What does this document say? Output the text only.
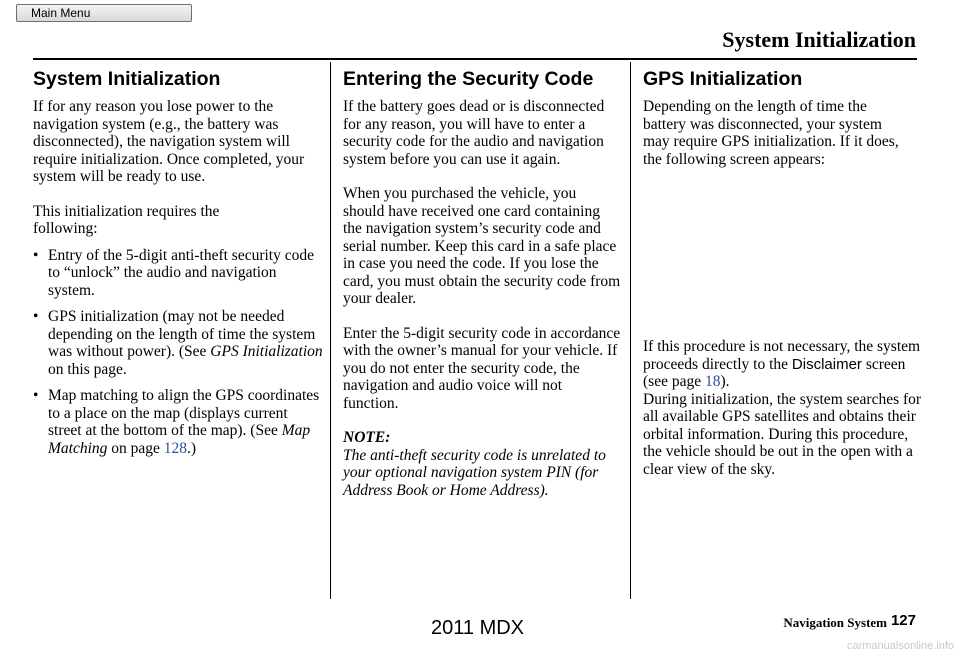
Main Menu
System Initialization
System Initialization

If for any reason you lose power to the navigation system (e.g., the battery was disconnected), the navigation system will require initialization. Once completed, your system will be ready to use.

This initialization requires the following:

• Entry of the 5-digit anti-theft security code to “unlock” the audio and navigation system.
• GPS initialization (may not be needed depending on the length of time the system was without power). (See GPS Initialization on this page.
• Map matching to align the GPS coordinates to a place on the map (displays current street at the bottom of the map). (See Map Matching on page 128.)
Entering the Security Code

If the battery goes dead or is disconnected for any reason, you will have to enter a security code for the audio and navigation system before you can use it again.

When you purchased the vehicle, you should have received one card containing the navigation system’s security code and serial number. Keep this card in a safe place in case you need the code. If you lose the card, you must obtain the security code from your dealer.

Enter the 5-digit security code in accordance with the owner’s manual for your vehicle. If you do not enter the security code, the navigation and audio voice will not function.

NOTE:

The anti-theft security code is unrelated to your optional navigation system PIN (for Address Book or Home Address).

GPS Initialization

Depending on the length of time the battery was disconnected, your system may require GPS initialization. If it does, the following screen appears:

If this procedure is not necessary, the system proceeds directly to the Disclaimer screen (see page 18).

During initialization, the system searches for all available GPS satellites and obtains their orbital information. During this procedure, the vehicle should be out in the open with a clear view of the sky.

Navigation System 127
2011 MDX
carmanualsonline.info
